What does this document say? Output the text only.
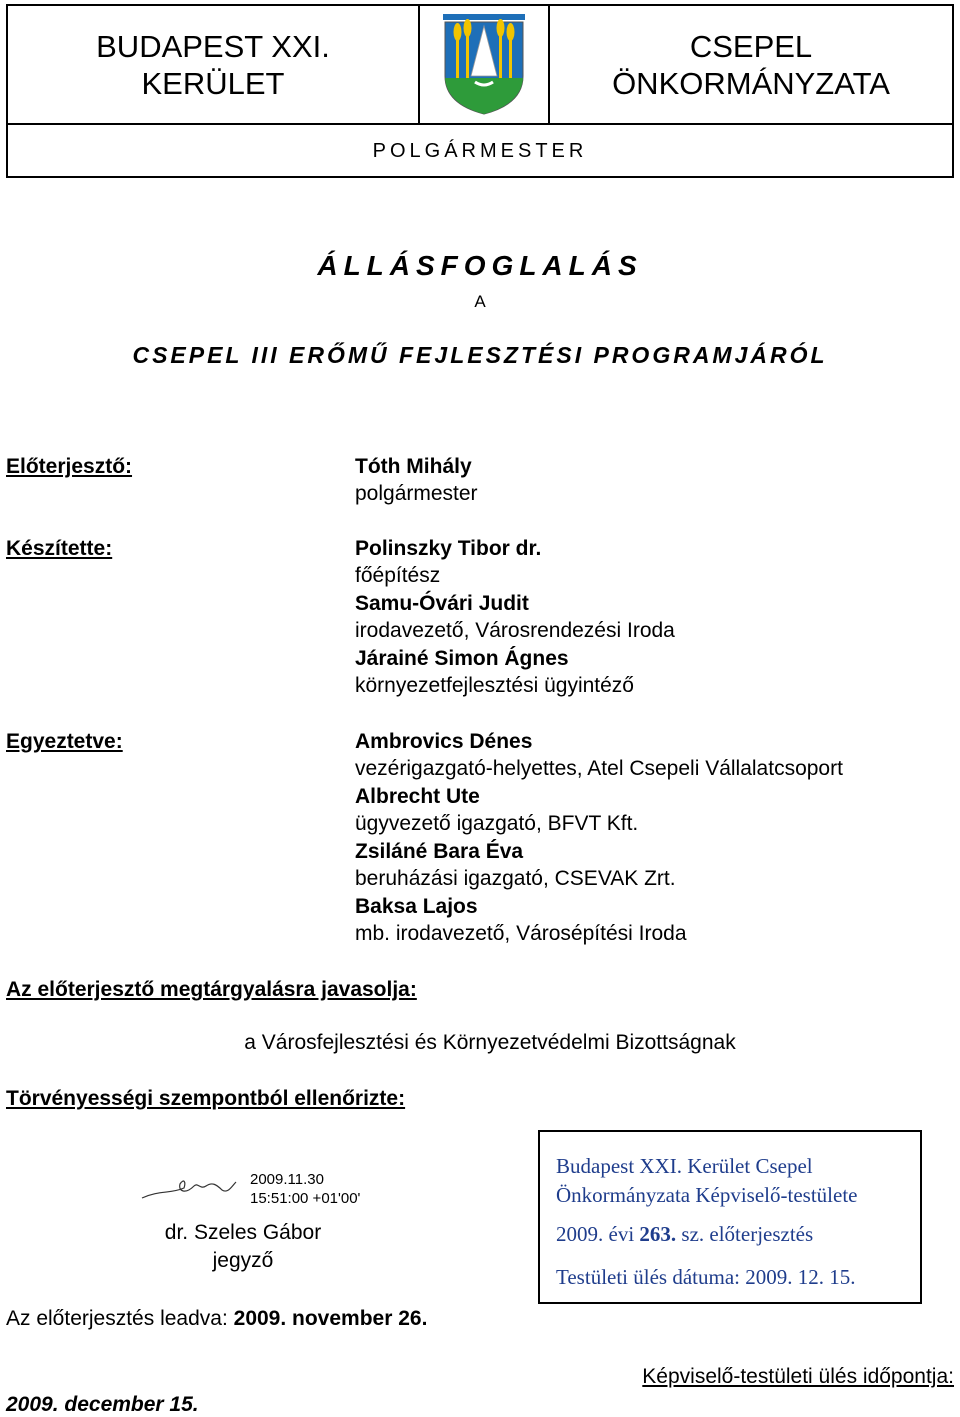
BUDAPEST XXI.
KERÜLET
CSEPEL
ÖNKORMÁNYZATA
POLGÁRMESTER
ÁLLÁSFOGLALÁS
A
CSEPEL III ERŐMŰ FEJLESZTÉSI PROGRAMJÁRÓL
Előterjesztő:
Készítette:
Egyeztetve:
Tóth Mihály
polgármester
Polinszky Tibor dr.
főépítész
Samu-Óvári Judit
irodavezető, Városrendezési Iroda
Járainé Simon Ágnes
környezetfejlesztési ügyintéző
Ambrovics Dénes
vezérigazgató-helyettes, Atel Csepeli Vállalatcsoport
Albrecht Ute
ügyvezető igazgató, BFVT Kft.
Zsiláné Bara Éva
beruházási igazgató, CSEVAK Zrt.
Baksa Lajos
mb. irodavezető, Városépítési Iroda
Az előterjesztő megtárgyalásra javasolja:
a Városfejlesztési és Környezetvédelmi Bizottságnak
Törvényességi szempontból ellenőrizte:
2009.11.30
15:51:00 +01'00'
dr. Szeles Gábor
jegyző
Budapest XXI. Kerület Csepel
Önkormányzata Képviselő-testülete
2009. évi 263. sz. előterjesztés
Testületi ülés dátuma: 2009. 12. 15.
Az előterjesztés leadva: 2009. november 26.
Képviselő-testületi ülés időpontja:
2009. december 15.
